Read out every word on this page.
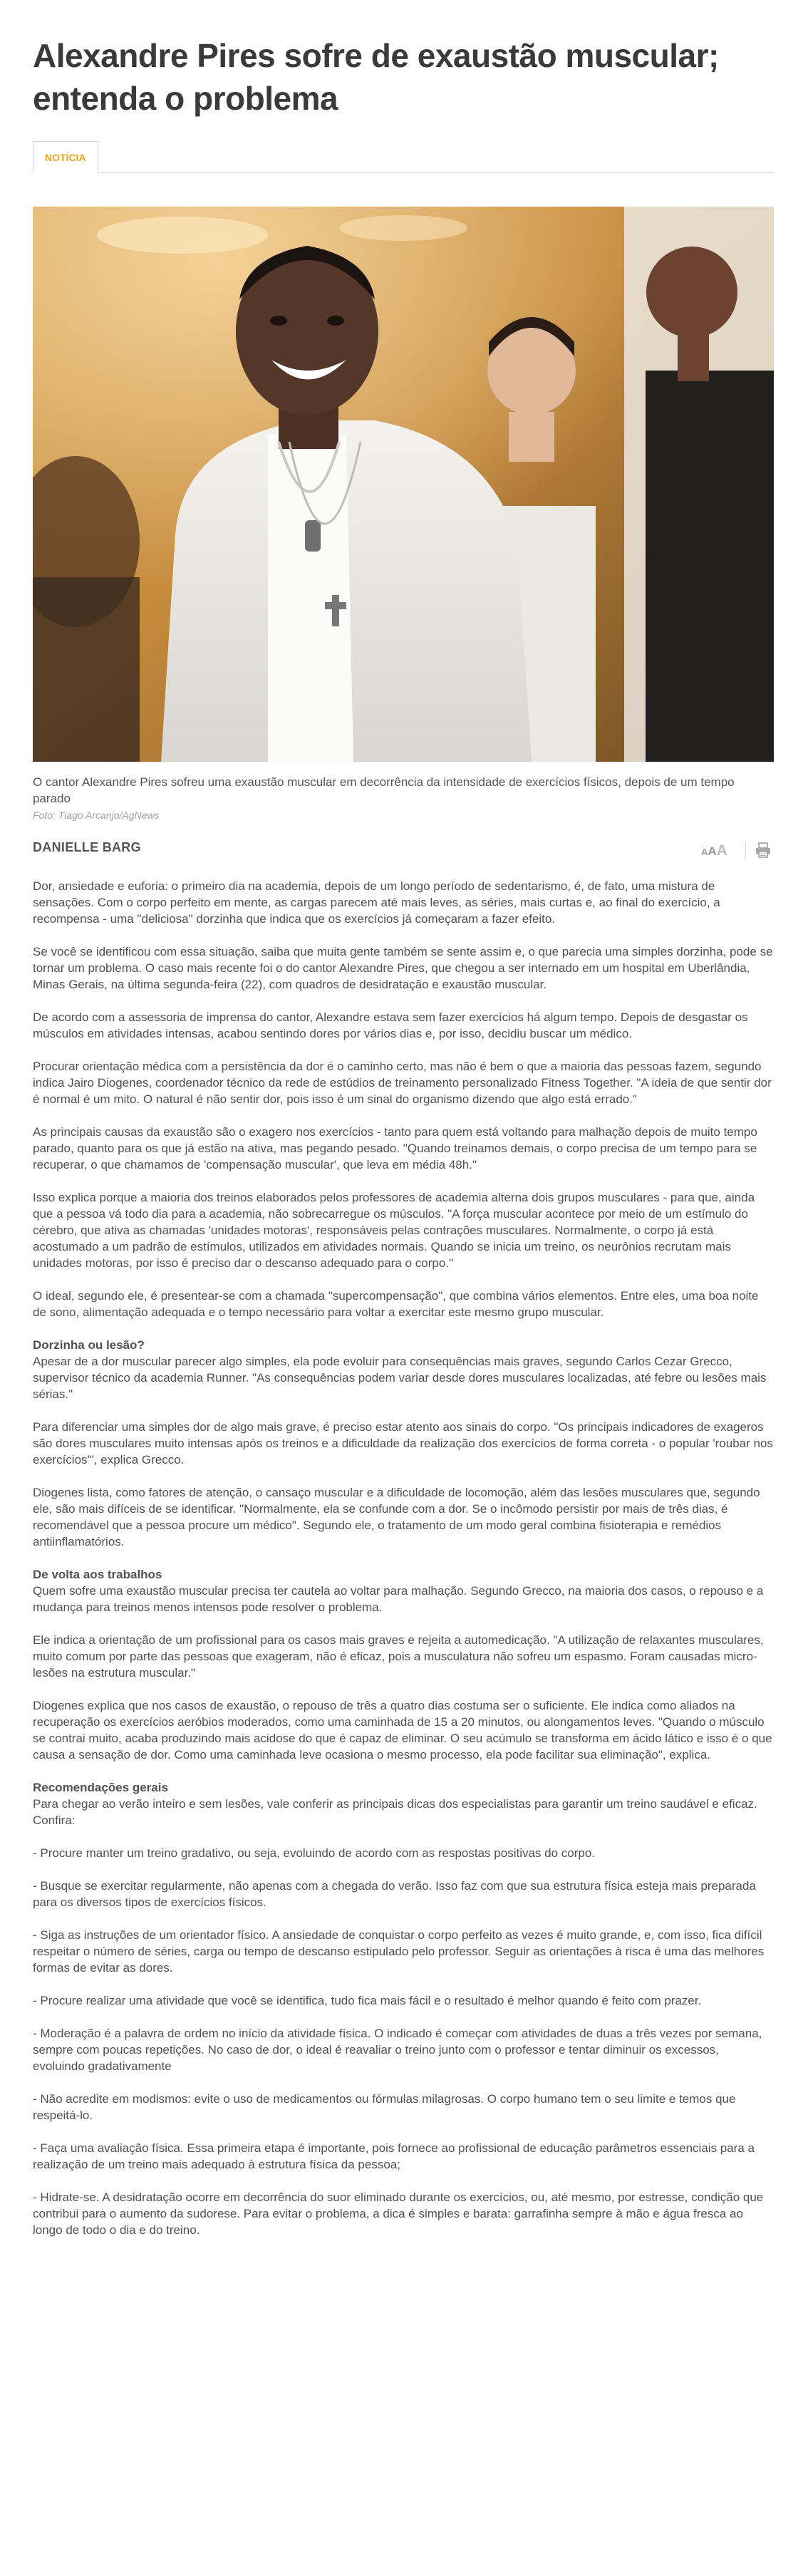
Alexandre Pires sofre de exaustão muscular; entenda o problema
NOTÍCIA
O cantor Alexandre Pires sofreu uma exaustão muscular em decorrência da intensidade de exercícios físicos, depois de um tempo parado
Foto: Tiago Arcanjo/AgNews
DANIELLE BARG	AAA

Dor, ansiedade e euforia: o primeiro dia na academia, depois de um longo período de sedentarismo, é, de fato, uma mistura de sensações. Com o corpo perfeito em mente, as cargas parecem até mais leves, as séries, mais curtas e, ao final do exercício, a recompensa - uma "deliciosa" dorzinha que indica que os exercícios já começaram a fazer efeito.

Se você se identificou com essa situação, saiba que muita gente também se sente assim e, o que parecia uma simples dorzinha, pode se tornar um problema. O caso mais recente foi o do cantor Alexandre Pires, que chegou a ser internado em um hospital em Uberlândia, Minas Gerais, na última segunda-feira (22), com quadros de desidratação e exaustão muscular.

De acordo com a assessoria de imprensa do cantor, Alexandre estava sem fazer exercícios há algum tempo. Depois de desgastar os músculos em atividades intensas, acabou sentindo dores por vários dias e, por isso, decidiu buscar um médico.

Procurar orientação médica com a persistência da dor é o caminho certo, mas não é bem o que a maioria das pessoas fazem, segundo indica Jairo Diogenes, coordenador técnico da rede de estúdios de treinamento personalizado Fitness Together. "A ideia de que sentir dor é normal é um mito. O natural é não sentir dor, pois isso é um sinal do organismo dizendo que algo está errado."

As principais causas da exaustão são o exagero nos exercícios - tanto para quem está voltando para malhação depois de muito tempo parado, quanto para os que já estão na ativa, mas pegando pesado. "Quando treinamos demais, o corpo precisa de um tempo para se recuperar, o que chamamos de 'compensação muscular', que leva em média 48h."

Isso explica porque a maioria dos treinos elaborados pelos professores de academia alterna dois grupos musculares - para que, ainda que a pessoa vá todo dia para a academia, não sobrecarregue os músculos. "A força muscular acontece por meio de um estímulo do cérebro, que ativa as chamadas 'unidades motoras', responsáveis pelas contrações musculares. Normalmente, o corpo já está acostumado a um padrão de estímulos, utilizados em atividades normais. Quando se inicia um treino, os neurônios recrutam mais unidades motoras, por isso é preciso dar o descanso adequado para o corpo."

O ideal, segundo ele, é presentear-se com a chamada "supercompensação", que combina vários elementos. Entre eles, uma boa noite de sono, alimentação adequada e o tempo necessário para voltar a exercitar este mesmo grupo muscular.

Dorzinha ou lesão?
Apesar de a dor muscular parecer algo simples, ela pode evoluir para consequências mais graves, segundo Carlos Cezar Grecco, supervisor técnico da academia Runner. "As consequências podem variar desde dores musculares localizadas, até febre ou lesões mais sérias."

Para diferenciar uma simples dor de algo mais grave, é preciso estar atento aos sinais do corpo. "Os principais indicadores de exageros são dores musculares muito intensas após os treinos e a dificuldade da realização dos exercícios de forma correta - o popular 'roubar nos exercícios'", explica Grecco.

Diogenes lista, como fatores de atenção, o cansaço muscular e a dificuldade de locomoção, além das lesões musculares que, segundo ele, são mais difíceis de se identificar. "Normalmente, ela se confunde com a dor. Se o incômodo persistir por mais de três dias, é recomendável que a pessoa procure um médico". Segundo ele, o tratamento de um modo geral combina fisioterapia e remédios antiinflamatórios.

De volta aos trabalhos
Quem sofre uma exaustão muscular precisa ter cautela ao voltar para malhação. Segundo Grecco, na maioria dos casos, o repouso e a mudança para treinos menos intensos pode resolver o problema.

Ele indica a orientação de um profissional para os casos mais graves e rejeita a automedicação. "A utilização de relaxantes musculares, muito comum por parte das pessoas que exageram, não é eficaz, pois a musculatura não sofreu um espasmo. Foram causadas micro-lesões na estrutura muscular."

Diogenes explica que nos casos de exaustão, o repouso de três a quatro dias costuma ser o suficiente. Ele indica como aliados na recuperação os exercícios aeróbios moderados, como uma caminhada de 15 a 20 minutos, ou alongamentos leves. "Quando o músculo se contrai muito, acaba produzindo mais acidose do que é capaz de eliminar. O seu acúmulo se transforma em ácido lático e isso é o que causa a sensação de dor. Como uma caminhada leve ocasiona o mesmo processo, ela pode facilitar sua eliminação", explica.

Recomendações gerais
Para chegar ao verão inteiro e sem lesões, vale conferir as principais dicas dos especialistas para garantir um treino saudável e eficaz. Confira:

- Procure manter um treino gradativo, ou seja, evoluindo de acordo com as respostas positivas do corpo.

- Busque se exercitar regularmente, não apenas com a chegada do verão. Isso faz com que sua estrutura física esteja mais preparada para os diversos tipos de exercícios físicos.

- Siga as instruções de um orientador físico. A ansiedade de conquistar o corpo perfeito as vezes é muito grande, e, com isso, fica difícil respeitar o número de séries, carga ou tempo de descanso estipulado pelo professor. Seguir as orientações à risca é uma das melhores formas de evitar as dores.

- Procure realizar uma atividade que você se identifica, tudo fica mais fácil e o resultado é melhor quando é feito com prazer.

- Moderação é a palavra de ordem no início da atividade física. O indicado é começar com atividades de duas a três vezes por semana, sempre com poucas repetições. No caso de dor, o ideal é reavaliar o treino junto com o professor e tentar diminuir os excessos, evoluindo gradativamente

- Não acredite em modismos: evite o uso de medicamentos ou fórmulas milagrosas. O corpo humano tem o seu limite e temos que respeitá-lo.

- Faça uma avaliação física. Essa primeira etapa é importante, pois fornece ao profissional de educação parâmetros essenciais para a realização de um treino mais adequado à estrutura física da pessoa;

- Hidrate-se. A desidratação ocorre em decorrência do suor eliminado durante os exercícios, ou, até mesmo, por estresse, condição que contribui para o aumento da sudorese. Para evitar o problema, a dica é simples e barata: garrafinha sempre à mão e água fresca ao longo de todo o dia e do treino.
